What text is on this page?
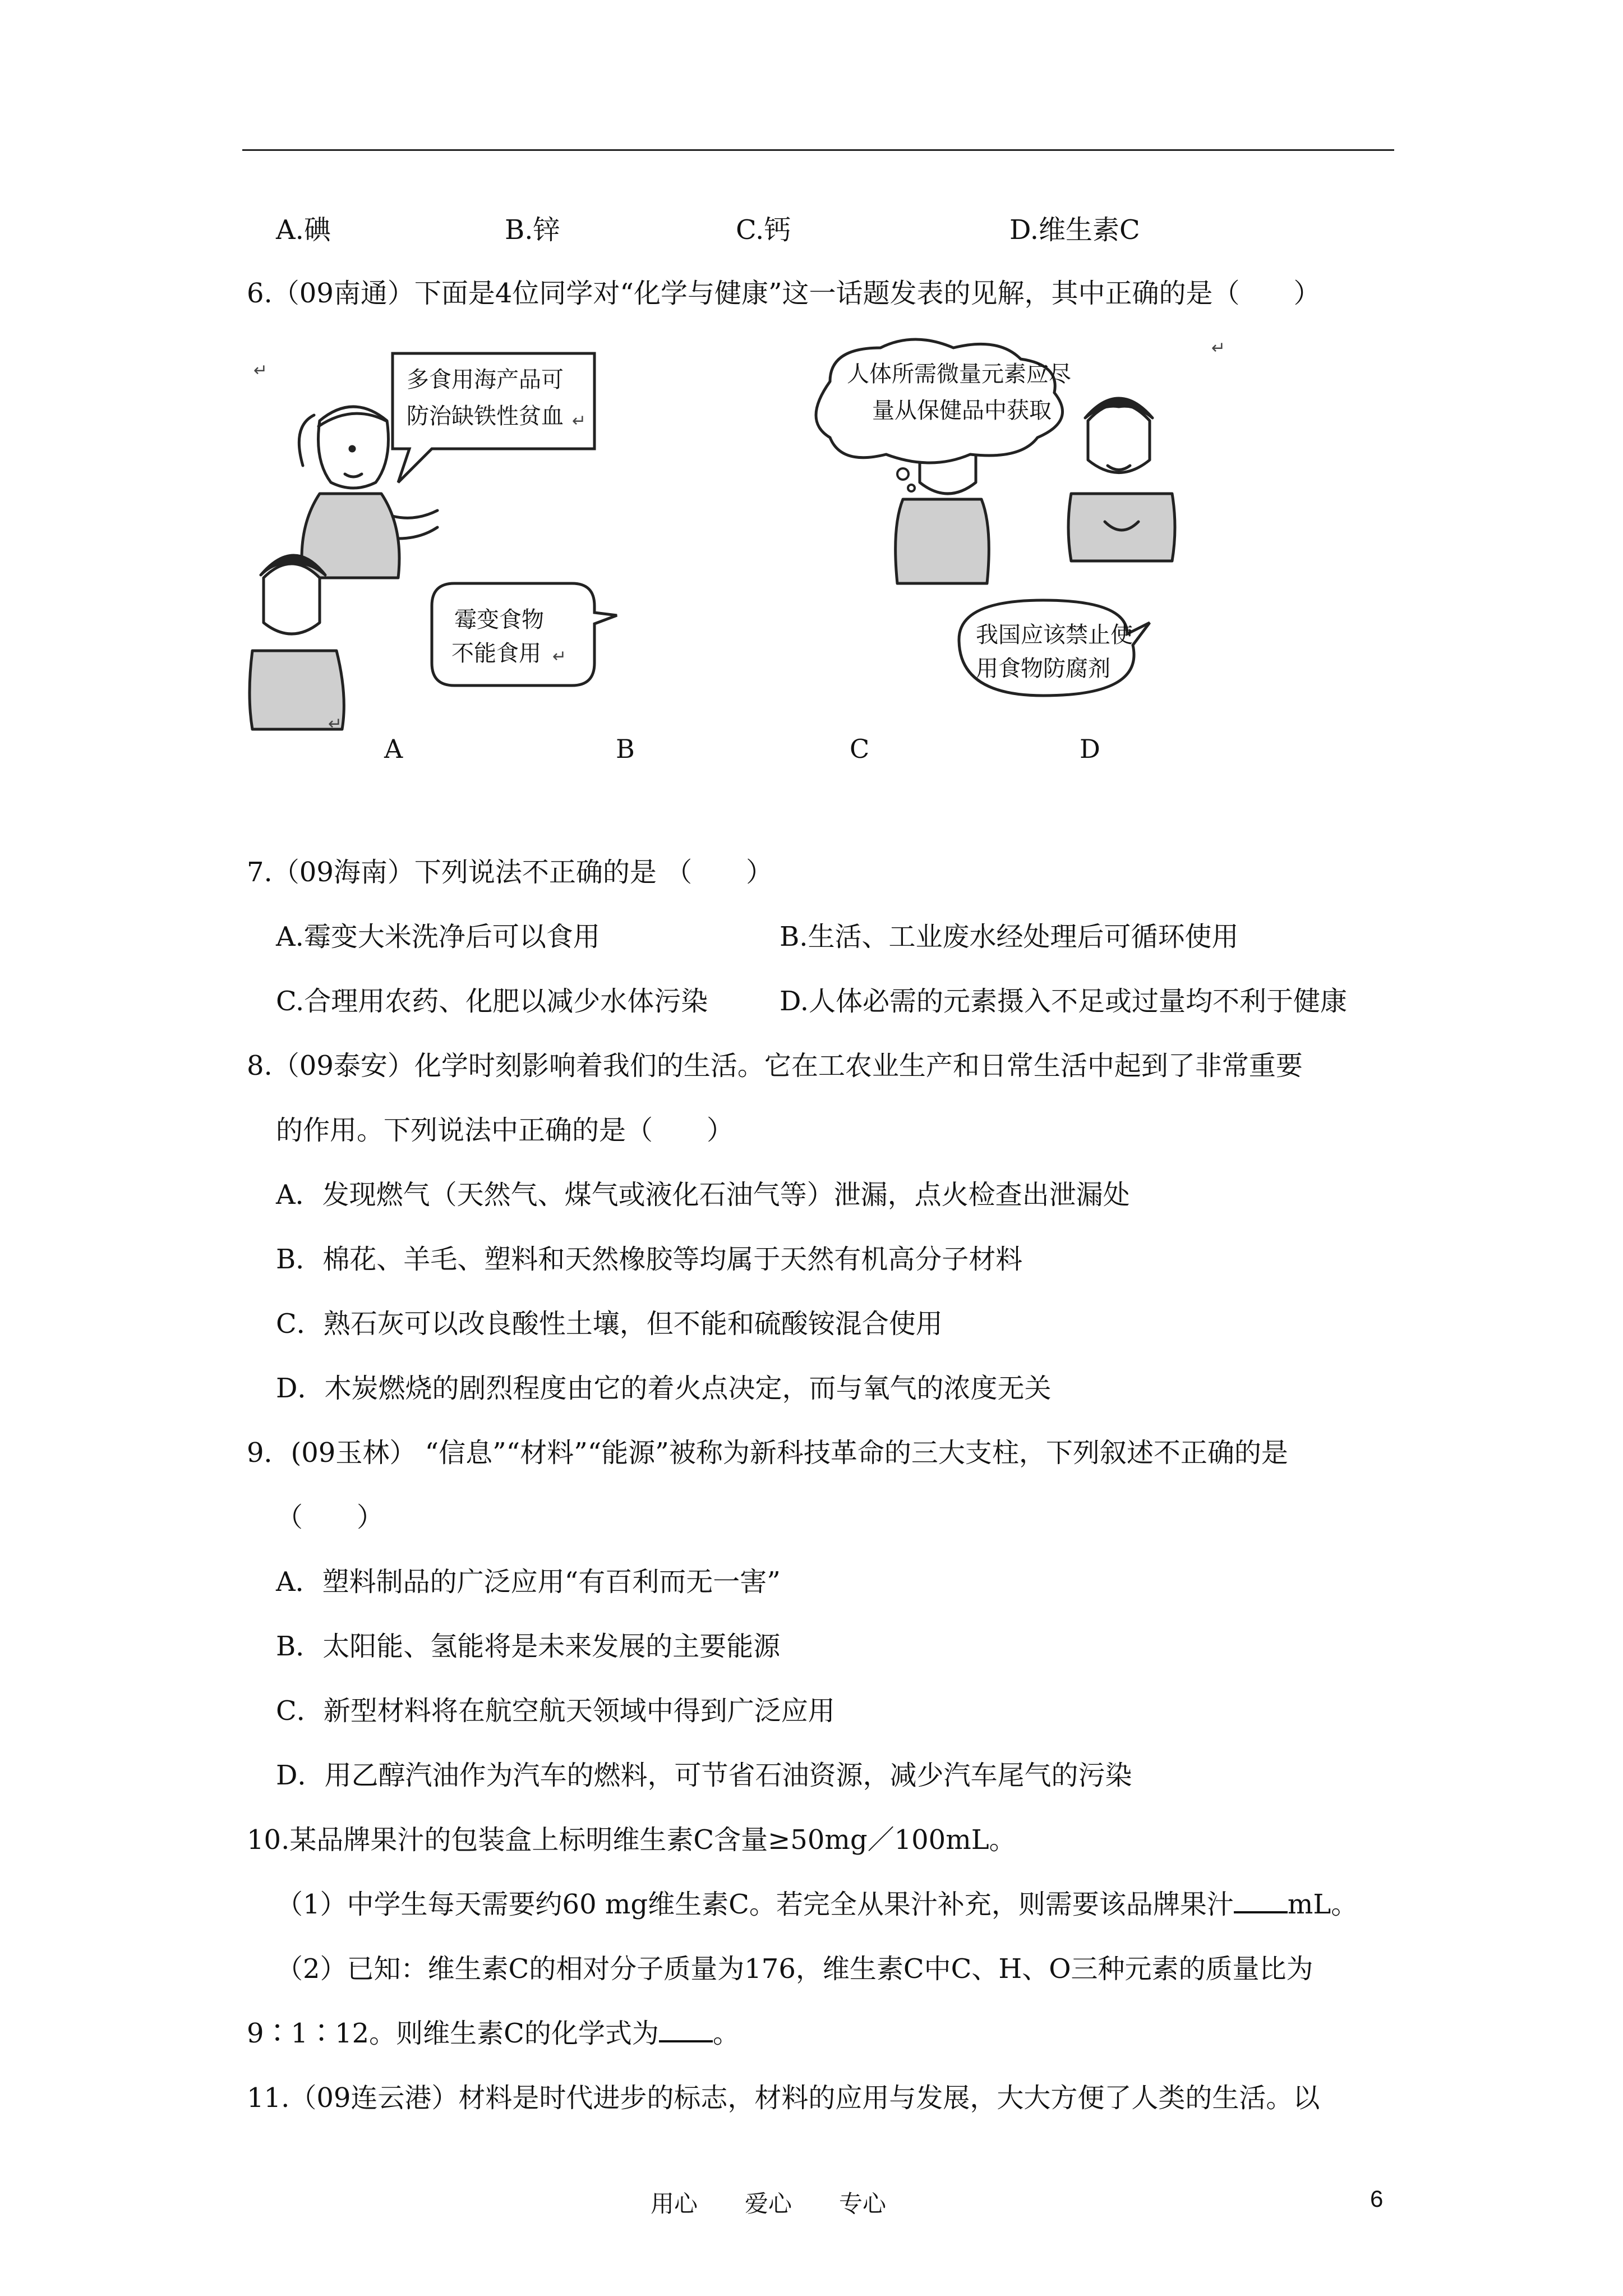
A.碘	B.锌	C.钙	D.维生素C
6.（09南通）下面是4位同学对“化学与健康”这一话题发表的见解，其中正确的是（　　）
多食用海产品可
防治缺铁性贫血
人体所需微量元素应尽
量从保健品中获取
霉变食物
不能食用
我国应该禁止使
用食物防腐剂
↵
↵
↵
↵
↵
A	B	C	D
7.（09海南）下列说法不正确的是 （　　）
A.霉变大米洗净后可以食用	B.生活、工业废水经处理后可循环使用
C.合理用农药、化肥以减少水体污染	D.人体必需的元素摄入不足或过量均不利于健康
8.（09泰安）化学时刻影响着我们的生活。它在工农业生产和日常生活中起到了非常重要
的作用。下列说法中正确的是（　　）
A．发现燃气（天然气、煤气或液化石油气等）泄漏，点火检查出泄漏处
B．棉花、羊毛、塑料和天然橡胶等均属于天然有机高分子材料
C．熟石灰可以改良酸性土壤，但不能和硫酸铵混合使用
D．木炭燃烧的剧烈程度由它的着火点决定，而与氧气的浓度无关
9．(09玉林） “信息”“材料”“能源”被称为新科技革命的三大支柱，下列叙述不正确的是
（　　）
A．塑料制品的广泛应用“有百利而无一害”
B．太阳能、氢能将是未来发展的主要能源
C．新型材料将在航空航天领域中得到广泛应用
D．用乙醇汽油作为汽车的燃料，可节省石油资源，减少汽车尾气的污染
10.某品牌果汁的包装盒上标明维生素C含量≥50mg／100mL。
（1）中学生每天需要约60 mg维生素C。若完全从果汁补充，则需要该品牌果汁 mL。
（2）已知：维生素C的相对分子质量为176，维生素C中C、H、O三种元素的质量比为
9∶1∶12。则维生素C的化学式为 。
11.（09连云港）材料是时代进步的标志，材料的应用与发展，大大方便了人类的生活。以
用心　　爱心　　专心	6
